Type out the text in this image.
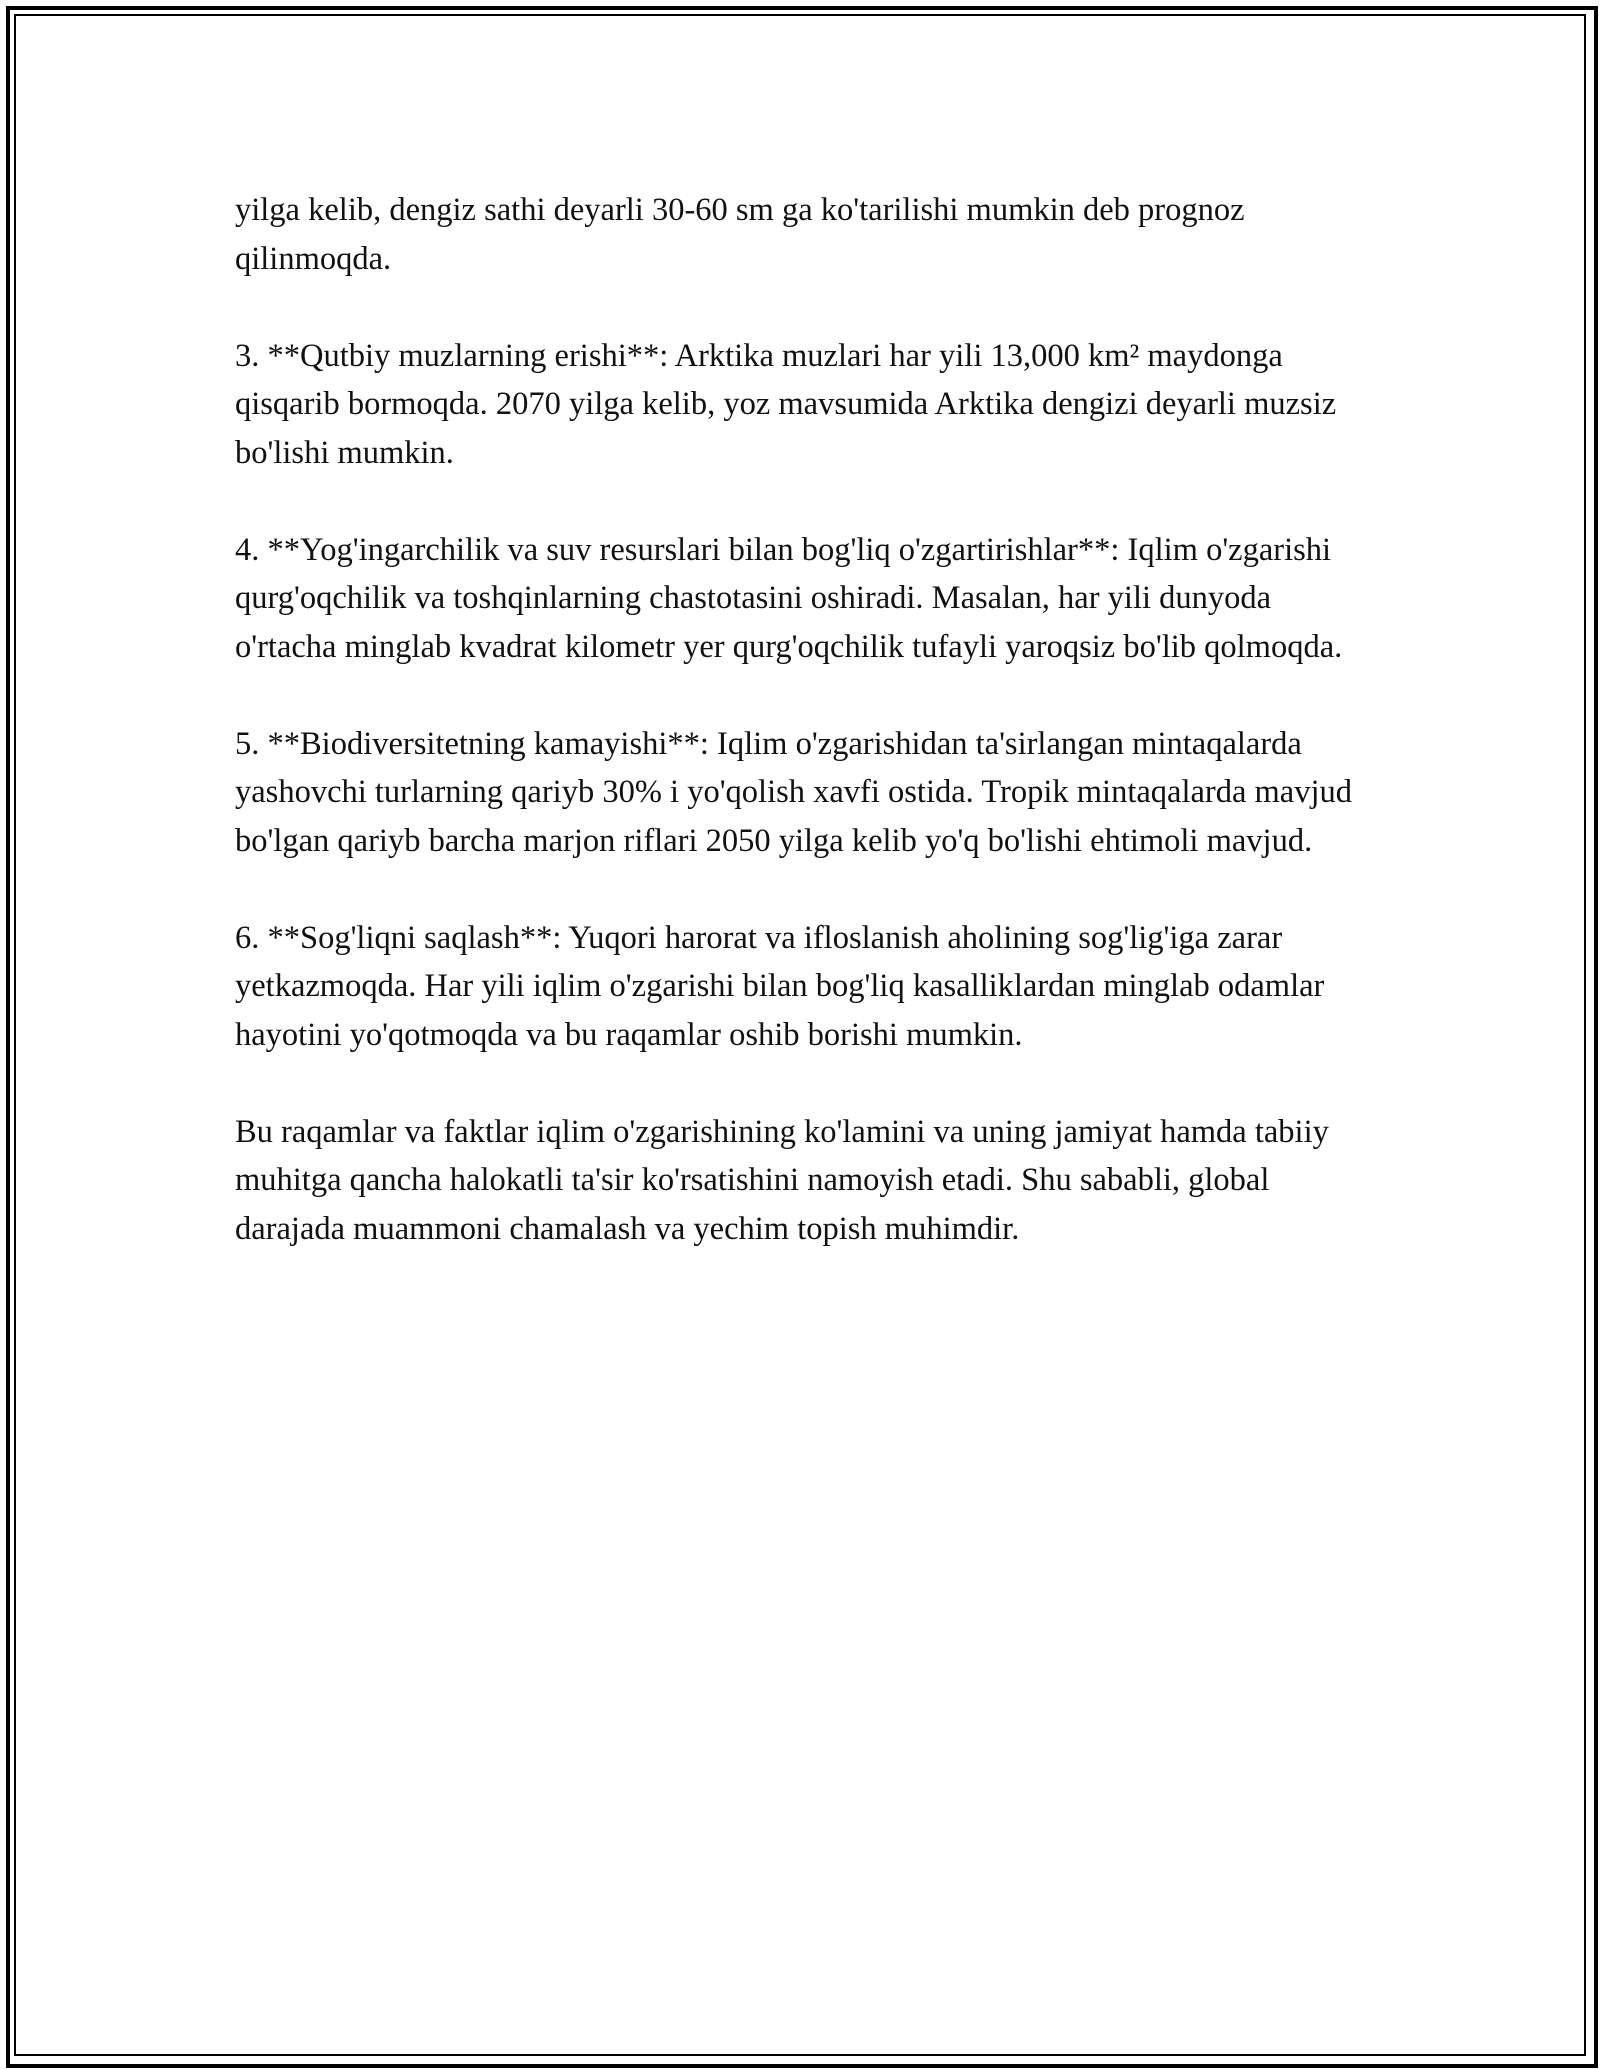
yilga kelib, dengiz sathi deyarli 30-60 sm ga ko'tarilishi mumkin deb prognoz qilinmoqda.

3. **Qutbiy muzlarning erishi**: Arktika muzlari har yili 13,000 km² maydonga qisqarib bormoqda. 2070 yilga kelib, yoz mavsumida Arktika dengizi deyarli muzsiz bo'lishi mumkin.

4. **Yog'ingarchilik va suv resurslari bilan bog'liq o'zgartirishlar**: Iqlim o'zgarishi qurg'oqchilik va toshqinlarning chastotasini oshiradi. Masalan, har yili dunyoda o'rtacha minglab kvadrat kilometr yer qurg'oqchilik tufayli yaroqsiz bo'lib qolmoqda.

5. **Biodiversitetning kamayishi**: Iqlim o'zgarishidan ta'sirlangan mintaqalarda yashovchi turlarning qariyb 30% i yo'qolish xavfi ostida. Tropik mintaqalarda mavjud bo'lgan qariyb barcha marjon riflari 2050 yilga kelib yo'q bo'lishi ehtimoli mavjud.

6. **Sog'liqni saqlash**: Yuqori harorat va ifloslanish aholining sog'lig'iga zarar yetkazmoqda. Har yili iqlim o'zgarishi bilan bog'liq kasalliklardan minglab odamlar hayotini yo'qotmoqda va bu raqamlar oshib borishi mumkin.

Bu raqamlar va faktlar iqlim o'zgarishining ko'lamini va uning jamiyat hamda tabiiy muhitga qancha halokatli ta'sir ko'rsatishini namoyish etadi. Shu sababli, global darajada muammoni chamalash va yechim topish muhimdir.
